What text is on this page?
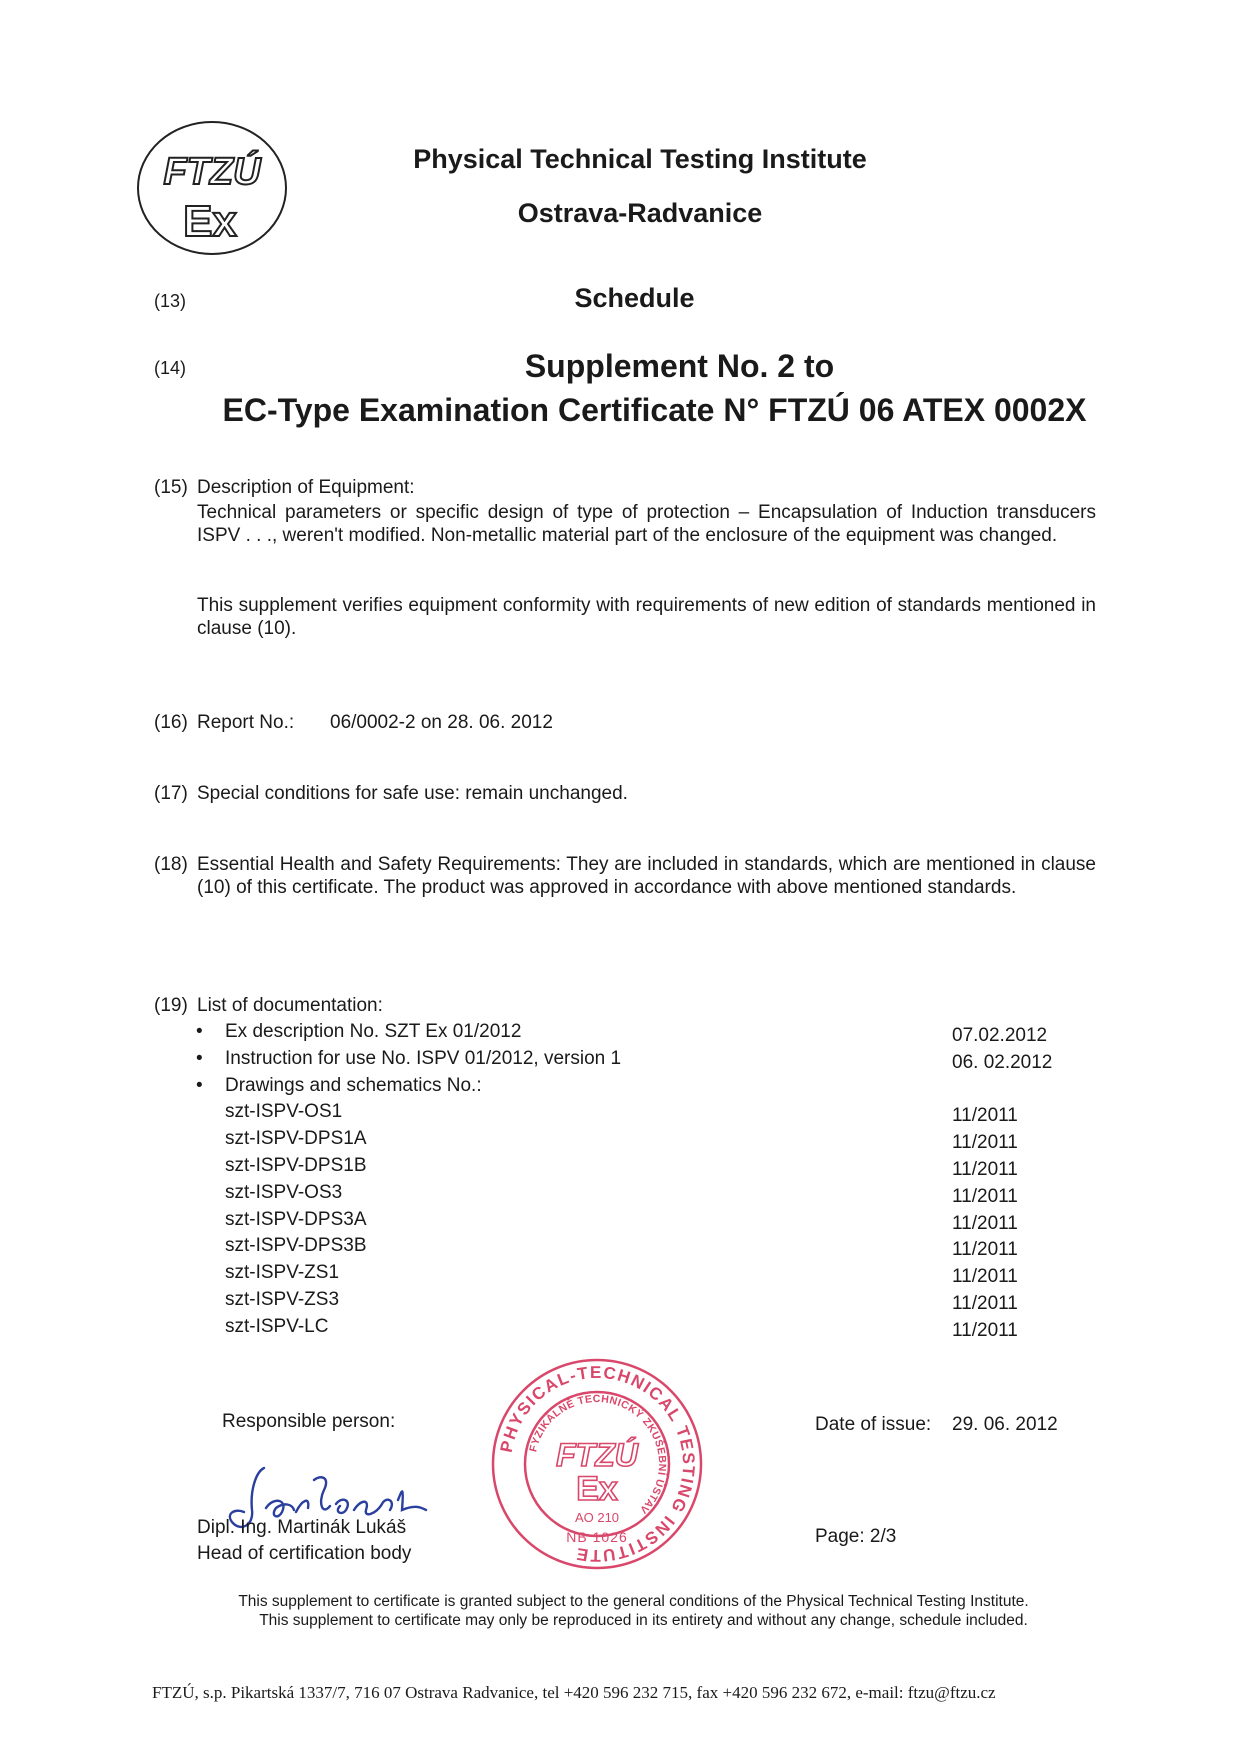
FTZÚ
Ex
Physical Technical Testing Institute
Ostrava-Radvanice
(13)	Schedule
(14)	Supplement No. 2 to
EC-Type Examination Certificate N° FTZÚ 06 ATEX 0002X
(15) Description of Equipment:
Technical parameters or specific design of type of protection – Encapsulation of Induction transducers ISPV . . ., weren't modified. Non-metallic material part of the enclosure of the equipment was changed.
This supplement verifies equipment conformity with requirements of new edition of standards mentioned in clause (10).
(16) Report No.: 06/0002-2 on 28. 06. 2012
(17) Special conditions for safe use: remain unchanged.
(18) Essential Health and Safety Requirements: They are included in standards, which are mentioned in clause (10) of this certificate. The product was approved in accordance with above mentioned standards.
(19) List of documentation:
• Ex description No. SZT Ex 01/2012	07.02.2012
• Instruction for use No. ISPV 01/2012, version 1	06. 02.2012
• Drawings and schematics No.:
szt-ISPV-OS1	11/2011
szt-ISPV-DPS1A	11/2011
szt-ISPV-DPS1B	11/2011
szt-ISPV-OS3	11/2011
szt-ISPV-DPS3A	11/2011
szt-ISPV-DPS3B	11/2011
szt-ISPV-ZS1	11/2011
szt-ISPV-ZS3	11/2011
szt-ISPV-LC	11/2011
Responsible person:
Dipl. Ing. Martinák Lukáš
Head of certification body
Date of issue: 29. 06. 2012
Page: 2/3
PHYSICAL-TECHNICAL TESTING INSTITUTE
FYZIKÁLNĚ TECHNICKÝ ZKUŠEBNÍ ÚSTAV
FTZÚ
Ex
AO 210
NB 1026
This supplement to certificate is granted subject to the general conditions of the Physical Technical Testing Institute.
This supplement to certificate may only be reproduced in its entirety and without any change, schedule included.
FTZÚ, s.p. Pikartská 1337/7, 716 07 Ostrava Radvanice, tel +420 596 232 715, fax +420 596 232 672, e-mail: ftzu@ftzu.cz
